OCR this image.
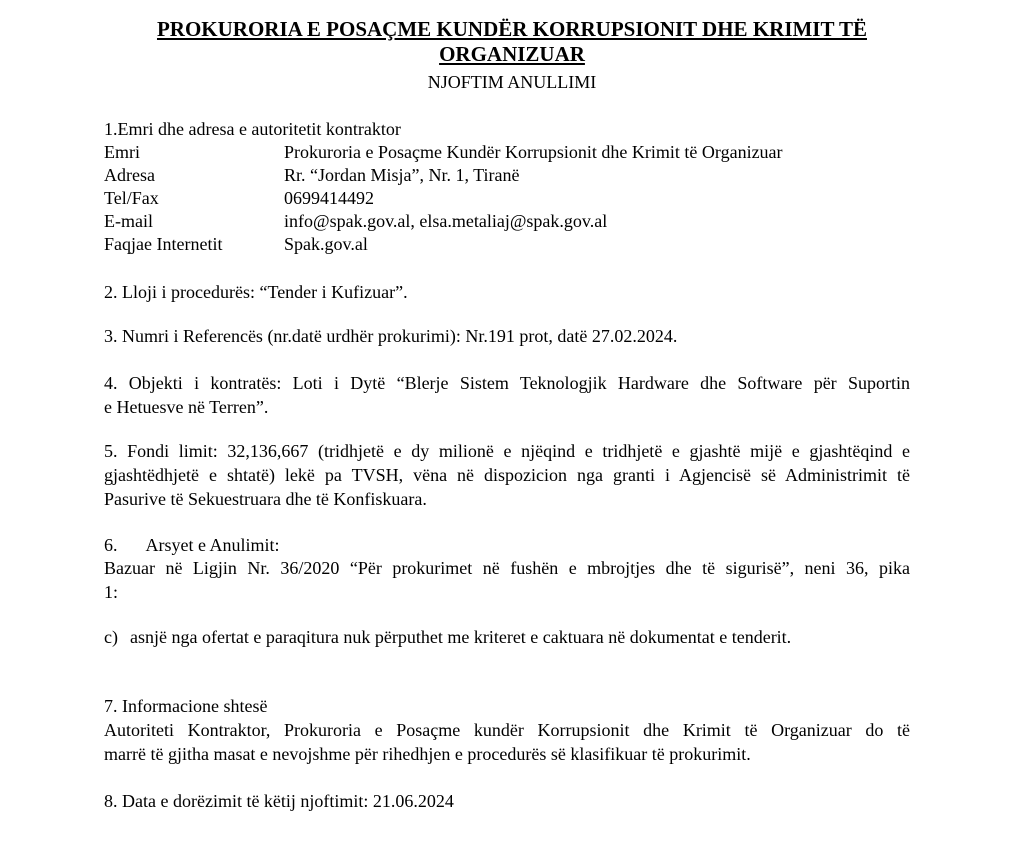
PROKURORIA E POSAÇME KUNDËR KORRUPSIONIT DHE KRIMIT TË ORGANIZUAR
NJOFTIM ANULLIMI
1.Emri dhe adresa e autoritetit kontraktor
Emri	Prokuroria e Posaçme Kundër Korrupsionit dhe Krimit të Organizuar
Adresa	Rr. “Jordan Misja”, Nr. 1, Tiranë
Tel/Fax	0699414492
E-mail	info@spak.gov.al, elsa.metaliaj@spak.gov.al
Faqjae Internetit	Spak.gov.al
2. Lloji i procedurës: “Tender i Kufizuar”.
3. Numri i Referencës (nr.datë urdhër prokurimi): Nr.191 prot, datë 27.02.2024.
4. Objekti i kontratës: Loti i Dytë “Blerje Sistem Teknologjik Hardware dhe Software për Suportin
e Hetuesve në Terren”.
5. Fondi limit: 32,136,667 (tridhjetë e dy milionë e njëqind e tridhjetë e gjashtë mijë e gjashtëqind e
gjashtëdhjetë e shtatë) lekë pa TVSH, vëna në dispozicion nga granti i Agjencisë së Administrimit të
Pasurive të Sekuestruara dhe të Konfiskuara.
6. Arsyet e Anulimit:
Bazuar në Ligjin Nr. 36/2020 “Për prokurimet në fushën e mbrojtjes dhe të sigurisë”, neni 36, pika
1:
c) asnjë nga ofertat e paraqitura nuk përputhet me kriteret e caktuara në dokumentat e tenderit.
7. Informacione shtesë
Autoriteti Kontraktor, Prokuroria e Posaçme kundër Korrupsionit dhe Krimit të Organizuar do të
marrë të gjitha masat e nevojshme për rihedhjen e procedurës së klasifikuar të prokurimit.
8. Data e dorëzimit të këtij njoftimit: 21.06.2024
